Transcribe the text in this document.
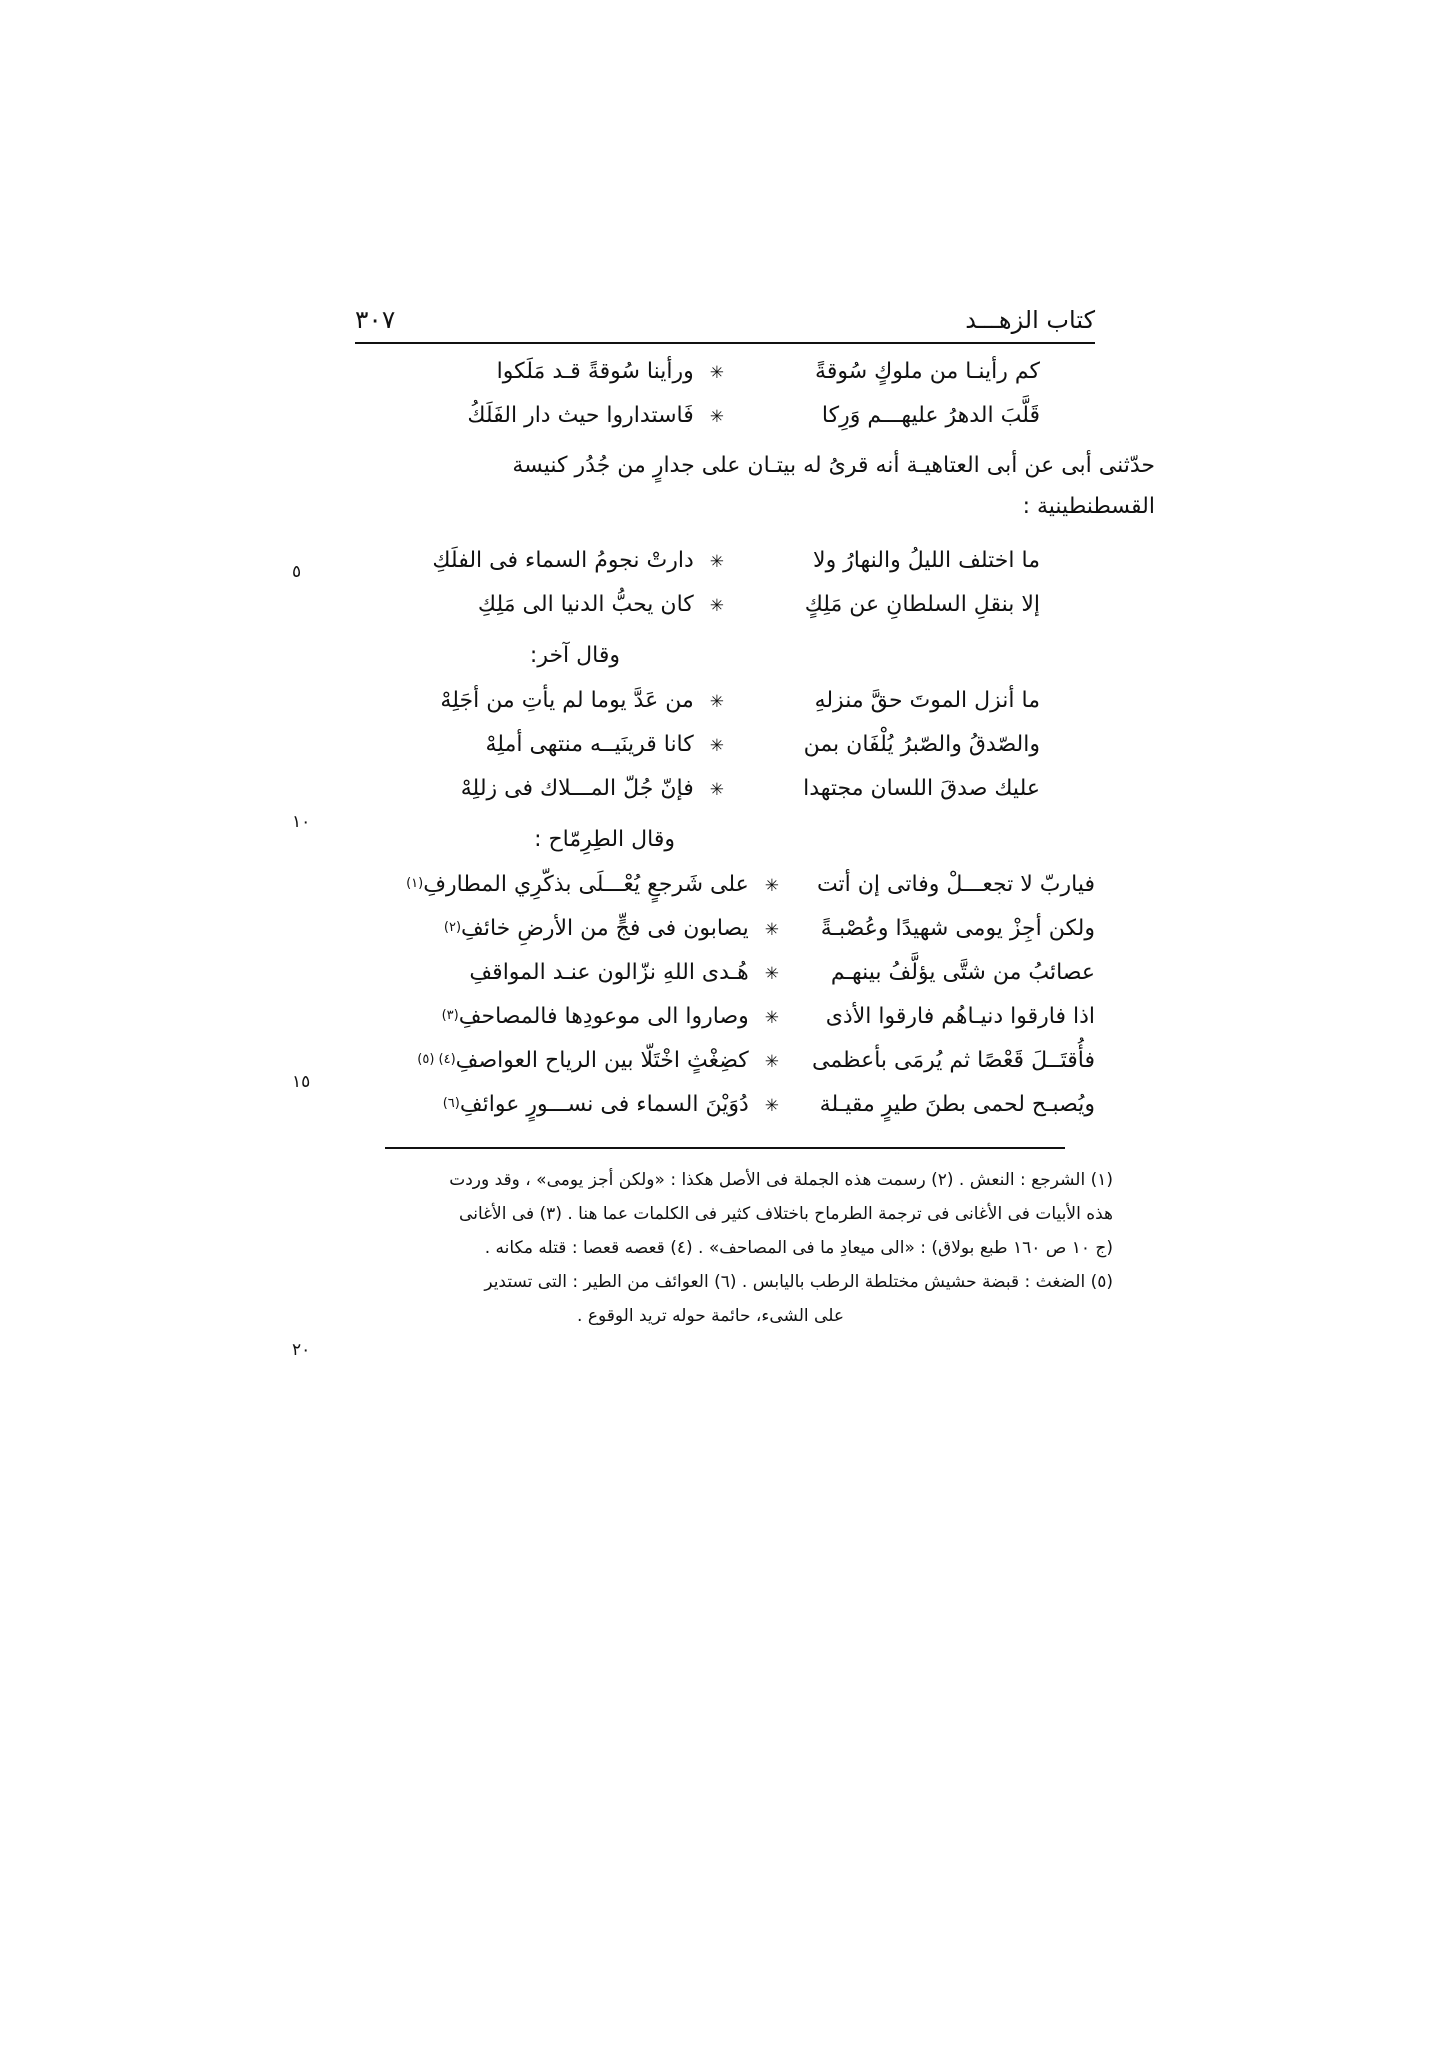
٥
١٠
١٥
٢٠
كتاب الزهـــد
٣٠٧
كم رأينـا من ملوكٍ سُوقةً
✳
ورأينا سُوقةً قـد مَلَكوا
قَلَّبَ الدهرُ عليهـــم وَرِكا
✳
فَاستداروا حيث دار الفَلَكُ
حدّثنى أبى عن أبى العتاهيـة أنه قرىُ له بيتـان على جدارٍ من جُدُر كنيسة
القسطنطينية :
ما اختلف الليلُ والنهارُ ولا
✳
دارتْ نجومُ السماء فى الفلَكِ
إلا بنقلِ السلطانِ عن مَلِكٍ
✳
كان يحبُّ الدنيا الى مَلِكِ
وقال آخر:
ما أنزل الموتَ حقَّ منزلهِ
✳
من عَدَّ يوما لم يأتِ من أجَلِهْ
والصّدقُ والصّبرُ يُلْفَان بمن
✳
كانا قرينَيــه منتهى أملِهْ
عليك صدقَ اللسان مجتهدا
✳
فإنّ جُلّ المـــلاك فى زللِهْ
وقال الطِرِمّاح :
فياربّ لا تجعـــلْ وفاتى إن أتت
✳
على شَرجعٍ يُعْـــلَى بذكّرِي المطارفِ
(١)
ولكن أجِزْ يومى شهيدًا وعُصْبـةً
✳
يصابون فى فجٍّ من الأرضِ خائفِ
(٢)
عصائبُ من شتَّى يؤلَّفُ بينهـم
✳
هُـدى اللهِ نزّالون عنـد المواقفِ
اذا فارقوا دنيـاهُم فارقوا الأذى
✳
وصاروا الى موعودِها فالمصاحفِ
(٣)
فأُقتَــلَ قَعْصًا ثم يُرمَى بأعظمى
✳
كضِغْثٍ اخْتَلّا بين الرياح العواصفِ
(٤) (٥)
ويُصبـح لحمى بطنَ طيرٍ مقيـلة
✳
دُوَيْنَ السماء فى نســـورٍ عوائفِ
(٦)
(١) الشرجع : النعش . (٢) رسمت هذه الجملة فى الأصل هكذا : «ولكن أجز يومى» ، وقد وردت
هذه الأبيات فى الأغانى فى ترجمة الطرماح باختلاف كثير فى الكلمات عما هنا . (٣) فى الأغانى
(ج ١٠ ص ١٦٠ طبع بولاق) : «الى ميعادِ ما فى المصاحف» . (٤) قعصه قعصا : قتله مكانه .
(٥) الضغث : قبضة حشيش مختلطة الرطب باليابس . (٦) العوائف من الطير : التى تستدير
على الشىء، حائمة حوله تريد الوقوع .
